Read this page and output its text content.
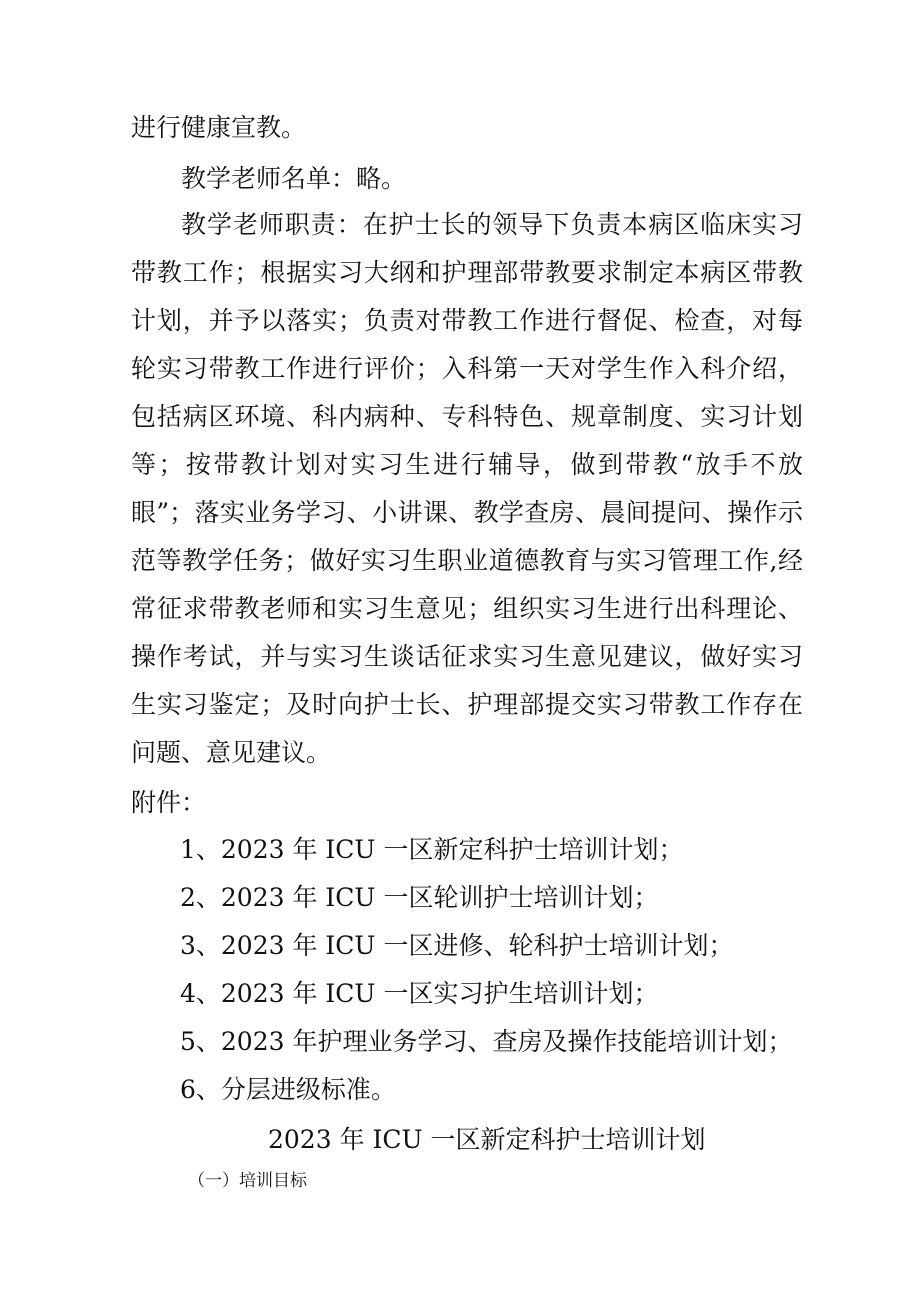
进行健康宣教。

教学老师名单：略。

教学老师职责：在护士长的领导下负责本病区临床实习带教工作；根据实习大纲和护理部带教要求制定本病区带教计划，并予以落实；负责对带教工作进行督促、检查，对每轮实习带教工作进行评价；入科第一天对学生作入科介绍，包括病区环境、科内病种、专科特色、规章制度、实习计划等；按带教计划对实习生进行辅导，做到带教“放手不放眼”；落实业务学习、小讲课、教学查房、晨间提问、操作示范等教学任务；做好实习生职业道德教育与实习管理工作,经常征求带教老师和实习生意见；组织实习生进行出科理论、操作考试，并与实习生谈话征求实习生意见建议，做好实习生实习鉴定；及时向护士长、护理部提交实习带教工作存在问题、意见建议。

附件：

1、2023 年 ICU 一区新定科护士培训计划；

2、2023 年 ICU 一区轮训护士培训计划；

3、2023 年 ICU 一区进修、轮科护士培训计划；

4、2023 年 ICU 一区实习护生培训计划；

5、2023 年护理业务学习、查房及操作技能培训计划；

6、分层进级标准。

2023 年 ICU 一区新定科护士培训计划
（一）培训目标
